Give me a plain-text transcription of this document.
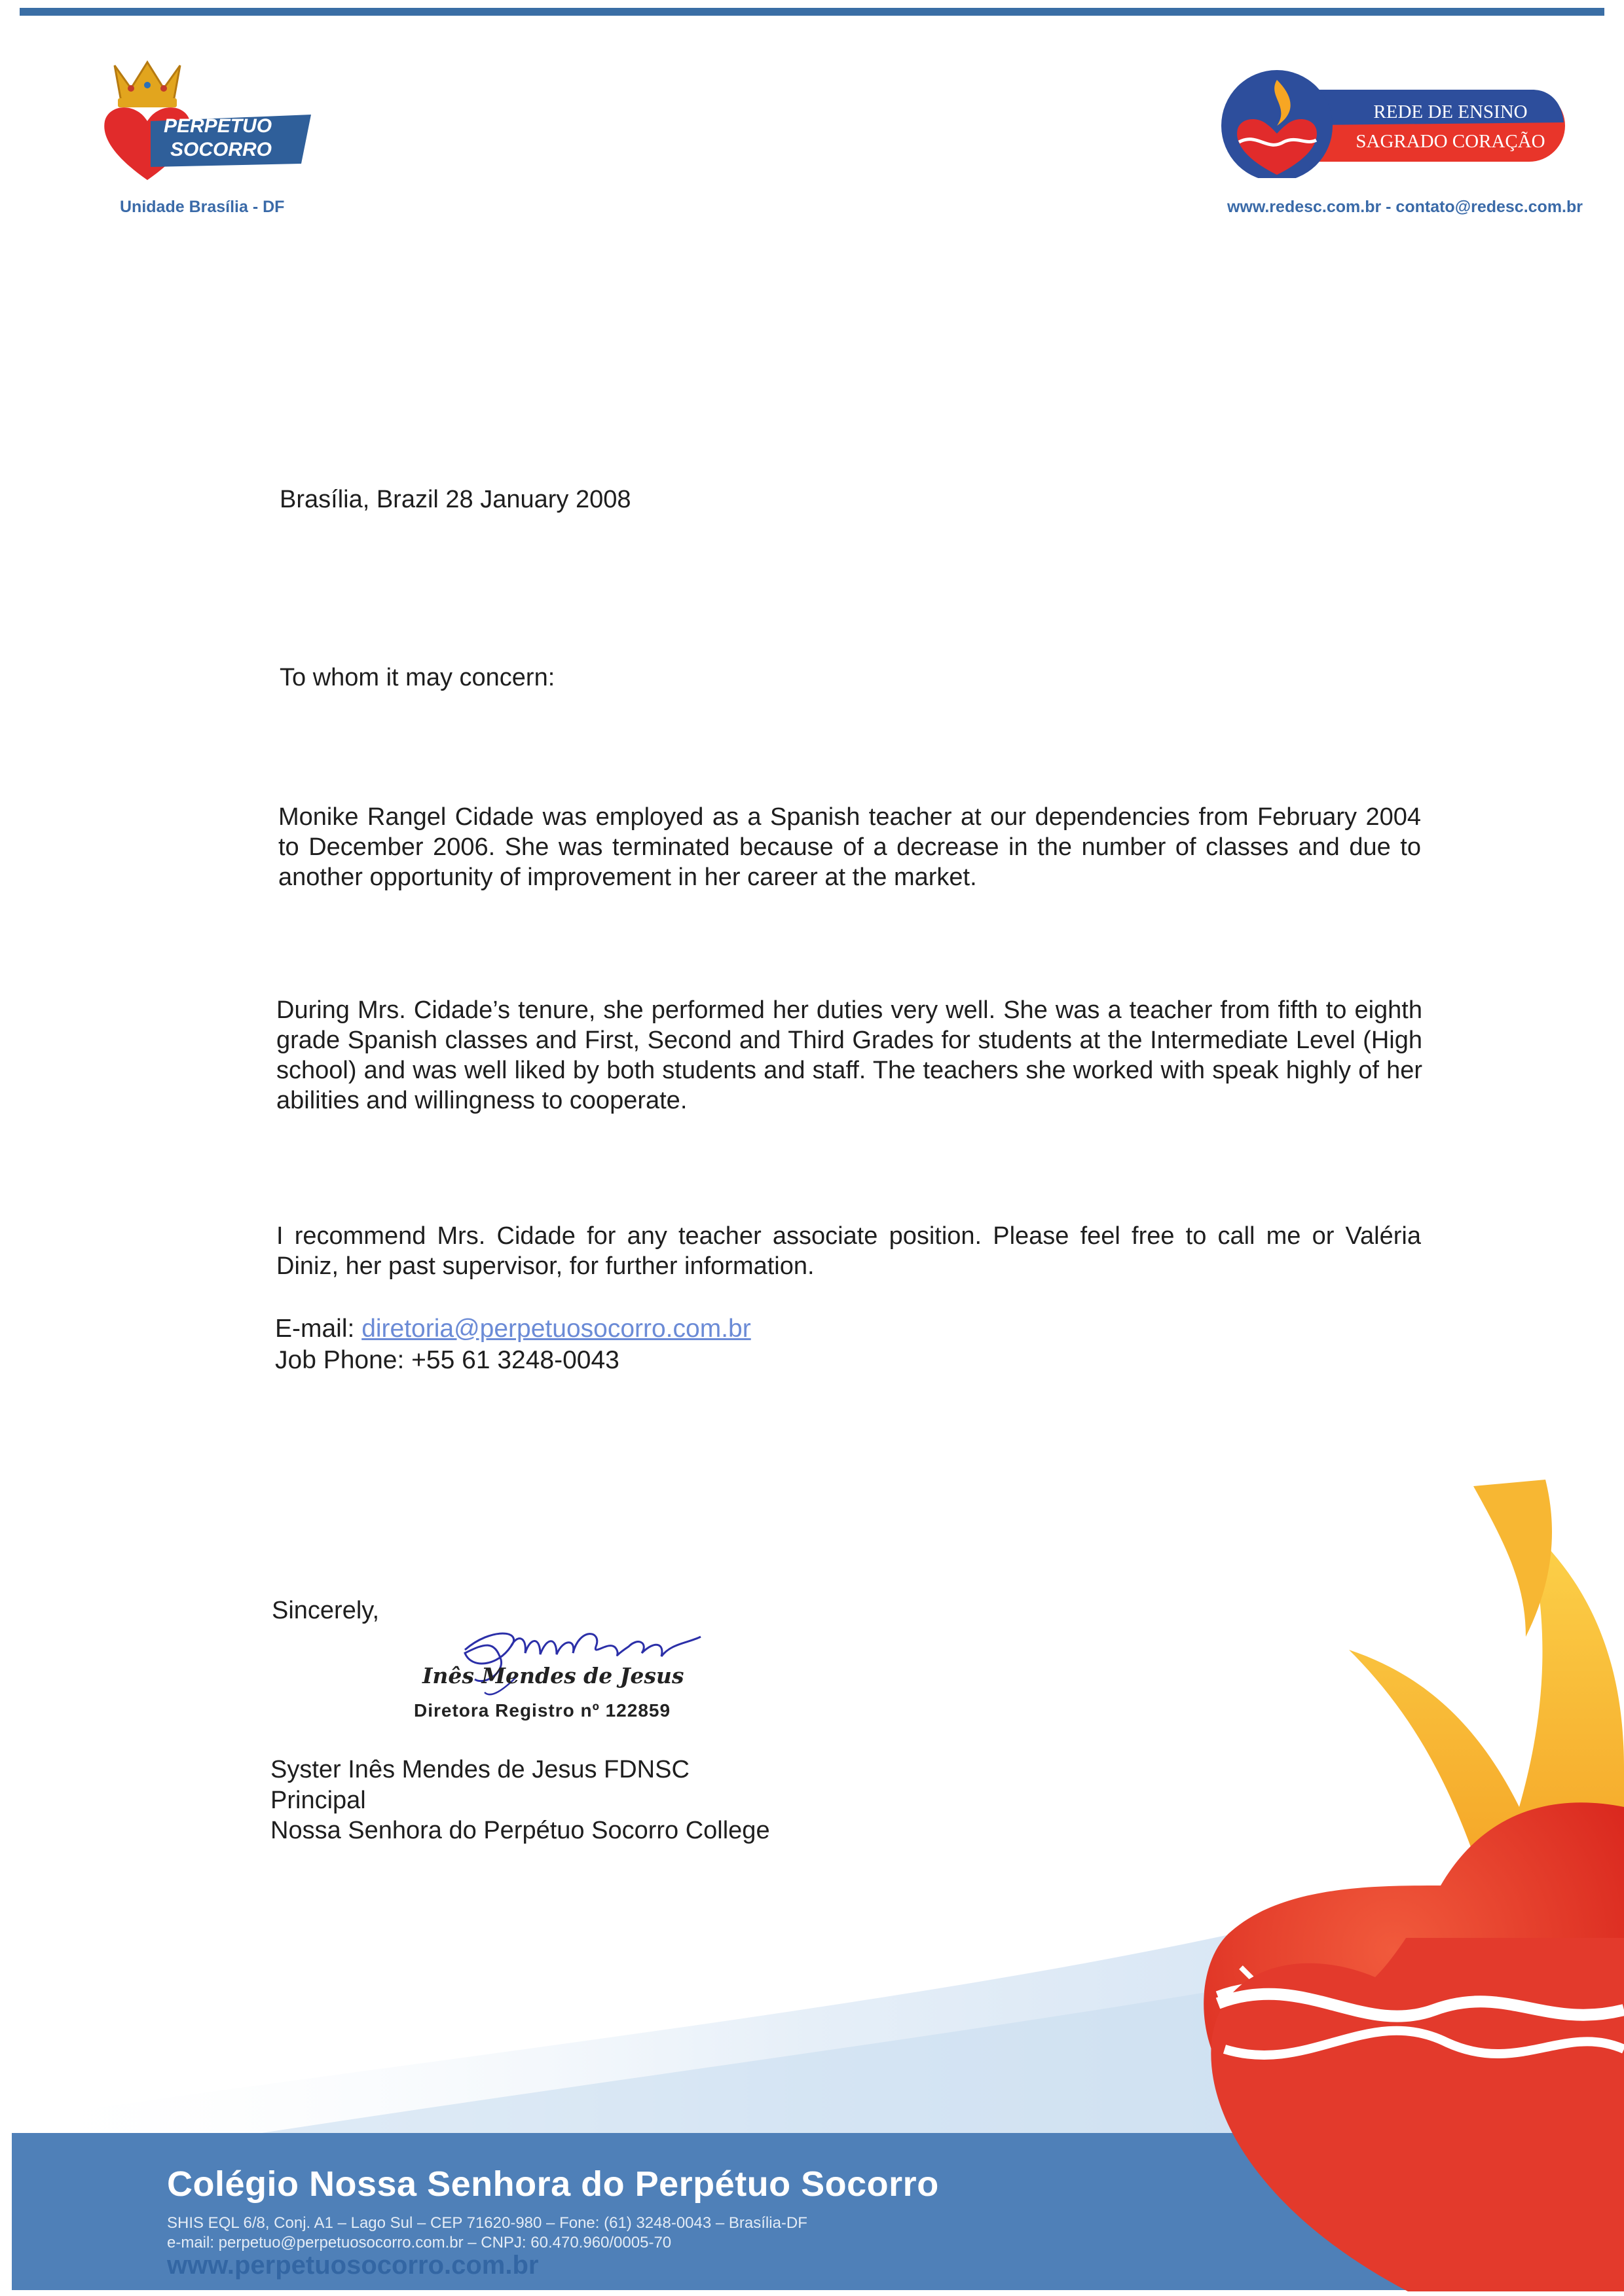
PERPÉTUO
SOCORRO
Unidade Brasília - DF
REDE DE ENSINO
SAGRADO CORAÇÃO
www.redesc.com.br - contato@redesc.com.br
Brasília, Brazil 28 January 2008
To whom it may concern:
Monike Rangel Cidade was employed as a Spanish teacher at our dependencies from February 2004 to December 2006. She was terminated because of a decrease in the number of classes and due to another opportunity of improvement in her career at the market.
During Mrs. Cidade’s tenure, she performed her duties very well. She was a teacher from fifth to eighth grade Spanish classes and First, Second and Third Grades for students at the Intermediate Level (High school) and was well liked by both students and staff. The teachers she worked with speak highly of her abilities and willingness to cooperate.
I recommend Mrs. Cidade for any teacher associate position. Please feel free to call me or Valéria Diniz, her past supervisor, for further information.
E-mail: diretoria@perpetuosocorro.com.br
Job Phone: +55 61 3248-0043
Sincerely,
Inês Mendes de Jesus
Diretora Registro nº 122859
Syster Inês Mendes de Jesus FDNSC
Principal
Nossa Senhora do Perpétuo Socorro College
Colégio Nossa Senhora do Perpétuo Socorro
SHIS EQL 6/8, Conj. A1 – Lago Sul – CEP 71620-980 – Fone: (61) 3248-0043 – Brasília-DF
e-mail: perpetuo@perpetuosocorro.com.br – CNPJ: 60.470.960/0005-70
www.perpetuosocorro.com.br
